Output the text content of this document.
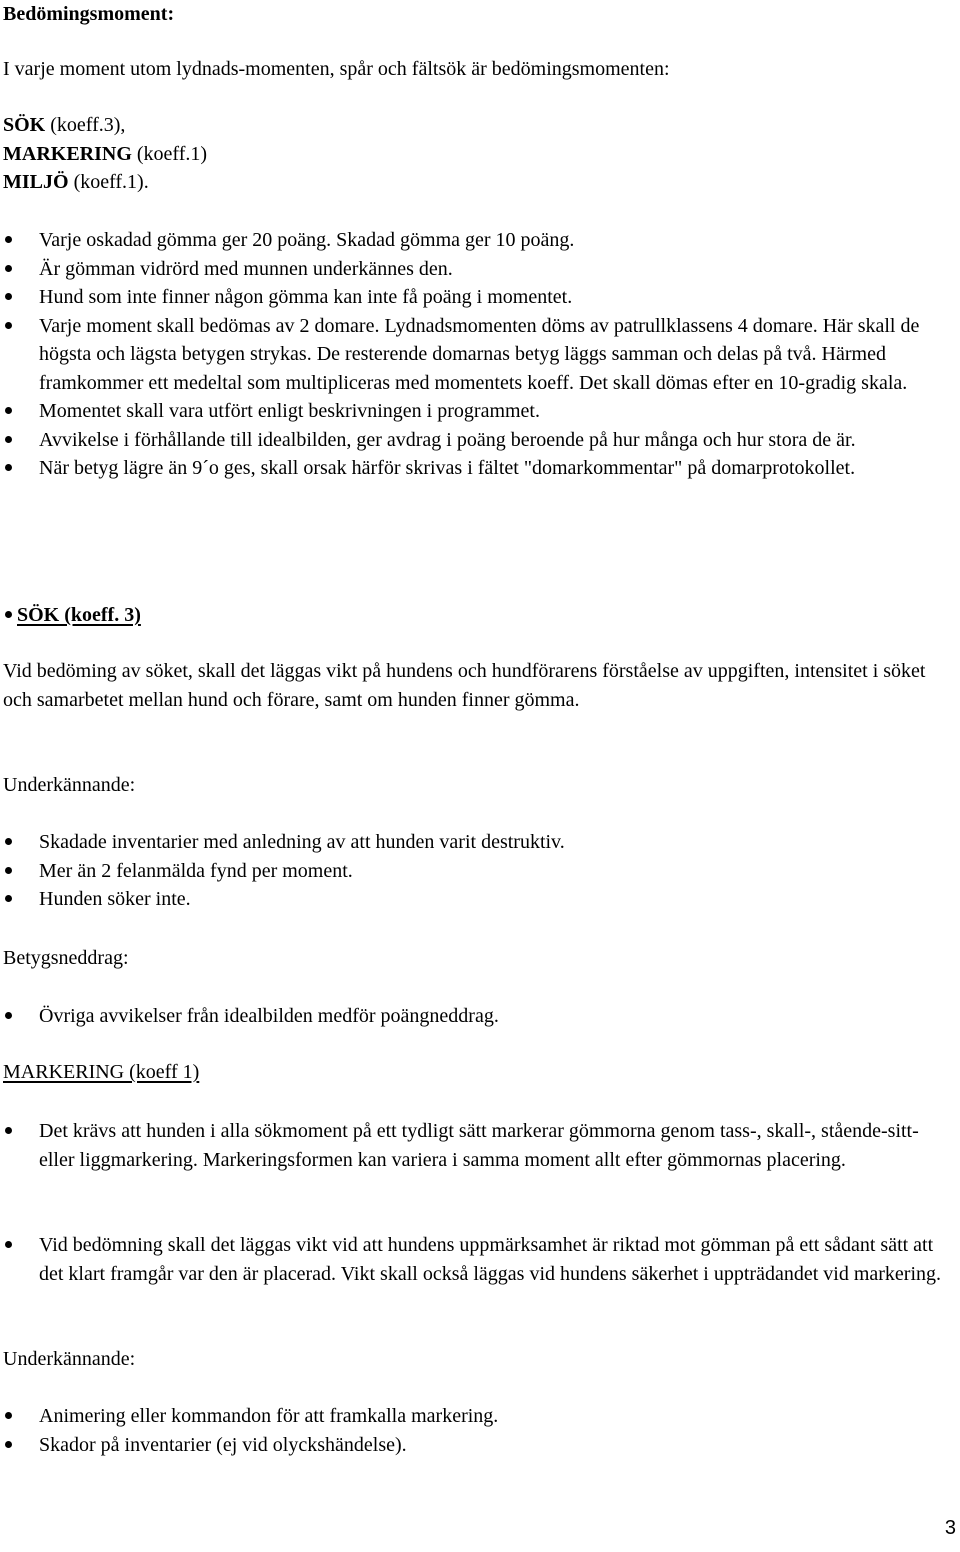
Bedömingsmoment:

I varje moment utom lydnads-momenten, spår och fältsök är bedömingsmomenten:

SÖK (koeff.3),
MARKERING (koeff.1)
MILJÖ (koeff.1).
Varje oskadad gömma ger 20 poäng. Skadad gömma ger 10 poäng.
Är gömman vidrörd med munnen underkännes den.
Hund som inte finner någon gömma kan inte få poäng i momentet.
Varje moment skall bedömas av 2 domare. Lydnadsmomenten döms av patrullklassens 4 domare. Här skall de högsta och lägsta betygen strykas. De resterende domarnas betyg läggs samman och delas på två. Härmed framkommer ett medeltal som multipliceras med momentets koeff. Det skall dömas efter en 10-gradig skala.
Momentet skall vara utfört enligt beskrivningen i programmet.
Avvikelse i förhållande till idealbilden, ger avdrag i poäng beroende på hur många och hur stora de är.
När betyg lägre än 9´o ges, skall orsak härför skrivas i fältet "domarkommentar" på domarprotokollet.
SÖK (koeff. 3)

Vid bedöming av söket, skall det läggas vikt på hundens och hundförarens förståelse av uppgiften, intensitet i söket och samarbetet mellan hund och förare, samt om hunden finner gömma.

Underkännande:

Skadade inventarier med anledning av att hunden varit destruktiv.
Mer än 2 felanmälda fynd per moment.
Hunden söker inte.

Betygsneddrag:

Övriga avvikelser från idealbilden medför poängneddrag.

MARKERING (koeff 1)

Det krävs att hunden i alla sökmoment på ett tydligt sätt markerar gömmorna genom tass-, skall-, stående-sitt- eller liggmarkering. Markeringsformen kan variera i samma moment allt efter gömmornas placering.
Vid bedömning skall det läggas vikt vid att hundens uppmärksamhet är riktad mot gömman på ett sådant sätt att det klart framgår var den är placerad. Vikt skall också läggas vid hundens säkerhet i uppträdandet vid markering.

Underkännande:

Animering eller kommandon för att framkalla markering.
Skador på inventarier (ej vid olyckshändelse).
3
